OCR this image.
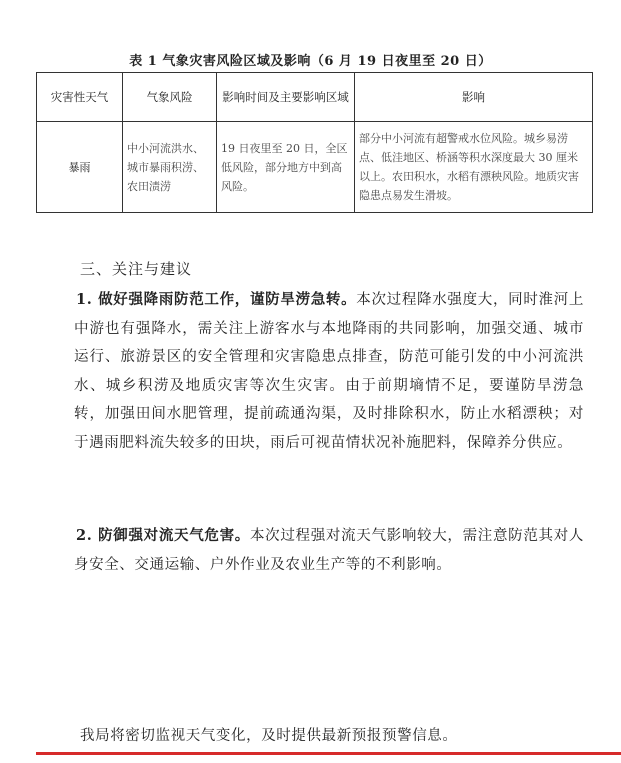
表 1 气象灾害风险区域及影响（6 月 19 日夜里至 20 日）
灾害性天气	气象风险	影响时间及主要影响区域	影响
暴雨	中小河流洪水、城市暴雨积涝、农田渍涝	19 日夜里至 20 日，全区低风险，部分地方中到高风险。	部分中小河流有超警戒水位风险。城乡易涝点、低洼地区、桥涵等积水深度最大 30 厘米以上。农田积水，水稻有漂秧风险。地质灾害隐患点易发生滑坡。
三、关注与建议
1. 做好强降雨防范工作，谨防旱涝急转。本次过程降水强度大，同时淮河上中游也有强降水，需关注上游客水与本地降雨的共同影响，加强交通、城市运行、旅游景区的安全管理和灾害隐患点排查，防范可能引发的中小河流洪水、城乡积涝及地质灾害等次生灾害。由于前期墒情不足，要谨防旱涝急转，加强田间水肥管理，提前疏通沟渠，及时排除积水，防止水稻漂秧；对于遇雨肥料流失较多的田块，雨后可视苗情状况补施肥料，保障养分供应。
2. 防御强对流天气危害。本次过程强对流天气影响较大，需注意防范其对人身安全、交通运输、户外作业及农业生产等的不利影响。
我局将密切监视天气变化，及时提供最新预报预警信息。
